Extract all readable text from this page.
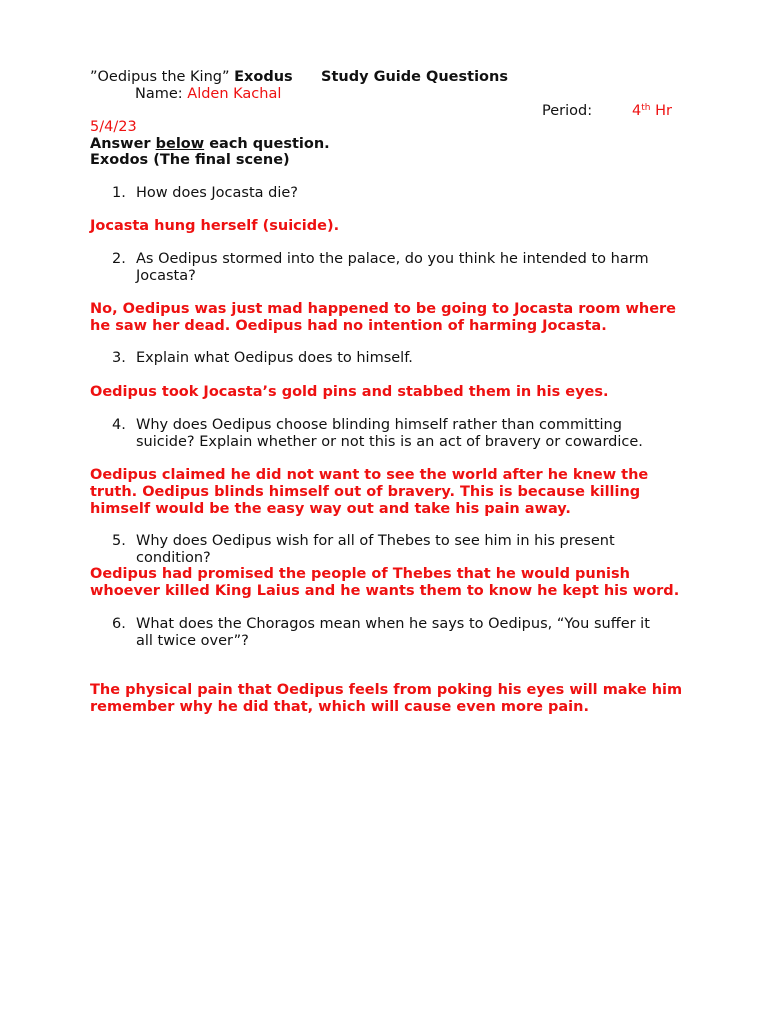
”Oedipus the King” Exodus Study Guide Questions
Name: Alden Kachal
Period:	4th Hr
5/4/23
Answer below each question.
Exodos (The final scene)
1. How does Jocasta die?
Jocasta hung herself (suicide).
2. As Oedipus stormed into the palace, do you think he intended to harm Jocasta?
No, Oedipus was just mad happened to be going to Jocasta room where he saw her dead. Oedipus had no intention of harming Jocasta.
3. Explain what Oedipus does to himself.
Oedipus took Jocasta’s gold pins and stabbed them in his eyes.
4. Why does Oedipus choose blinding himself rather than committing suicide? Explain whether or not this is an act of bravery or cowardice.
Oedipus claimed he did not want to see the world after he knew the truth. Oedipus blinds himself out of bravery. This is because killing himself would be the easy way out and take his pain away.
5. Why does Oedipus wish for all of Thebes to see him in his present condition?
Oedipus had promised the people of Thebes that he would punish whoever killed King Laius and he wants them to know he kept his word.
6. What does the Choragos mean when he says to Oedipus, “You suffer it all twice over”?
The physical pain that Oedipus feels from poking his eyes will make him remember why he did that, which will cause even more pain.
